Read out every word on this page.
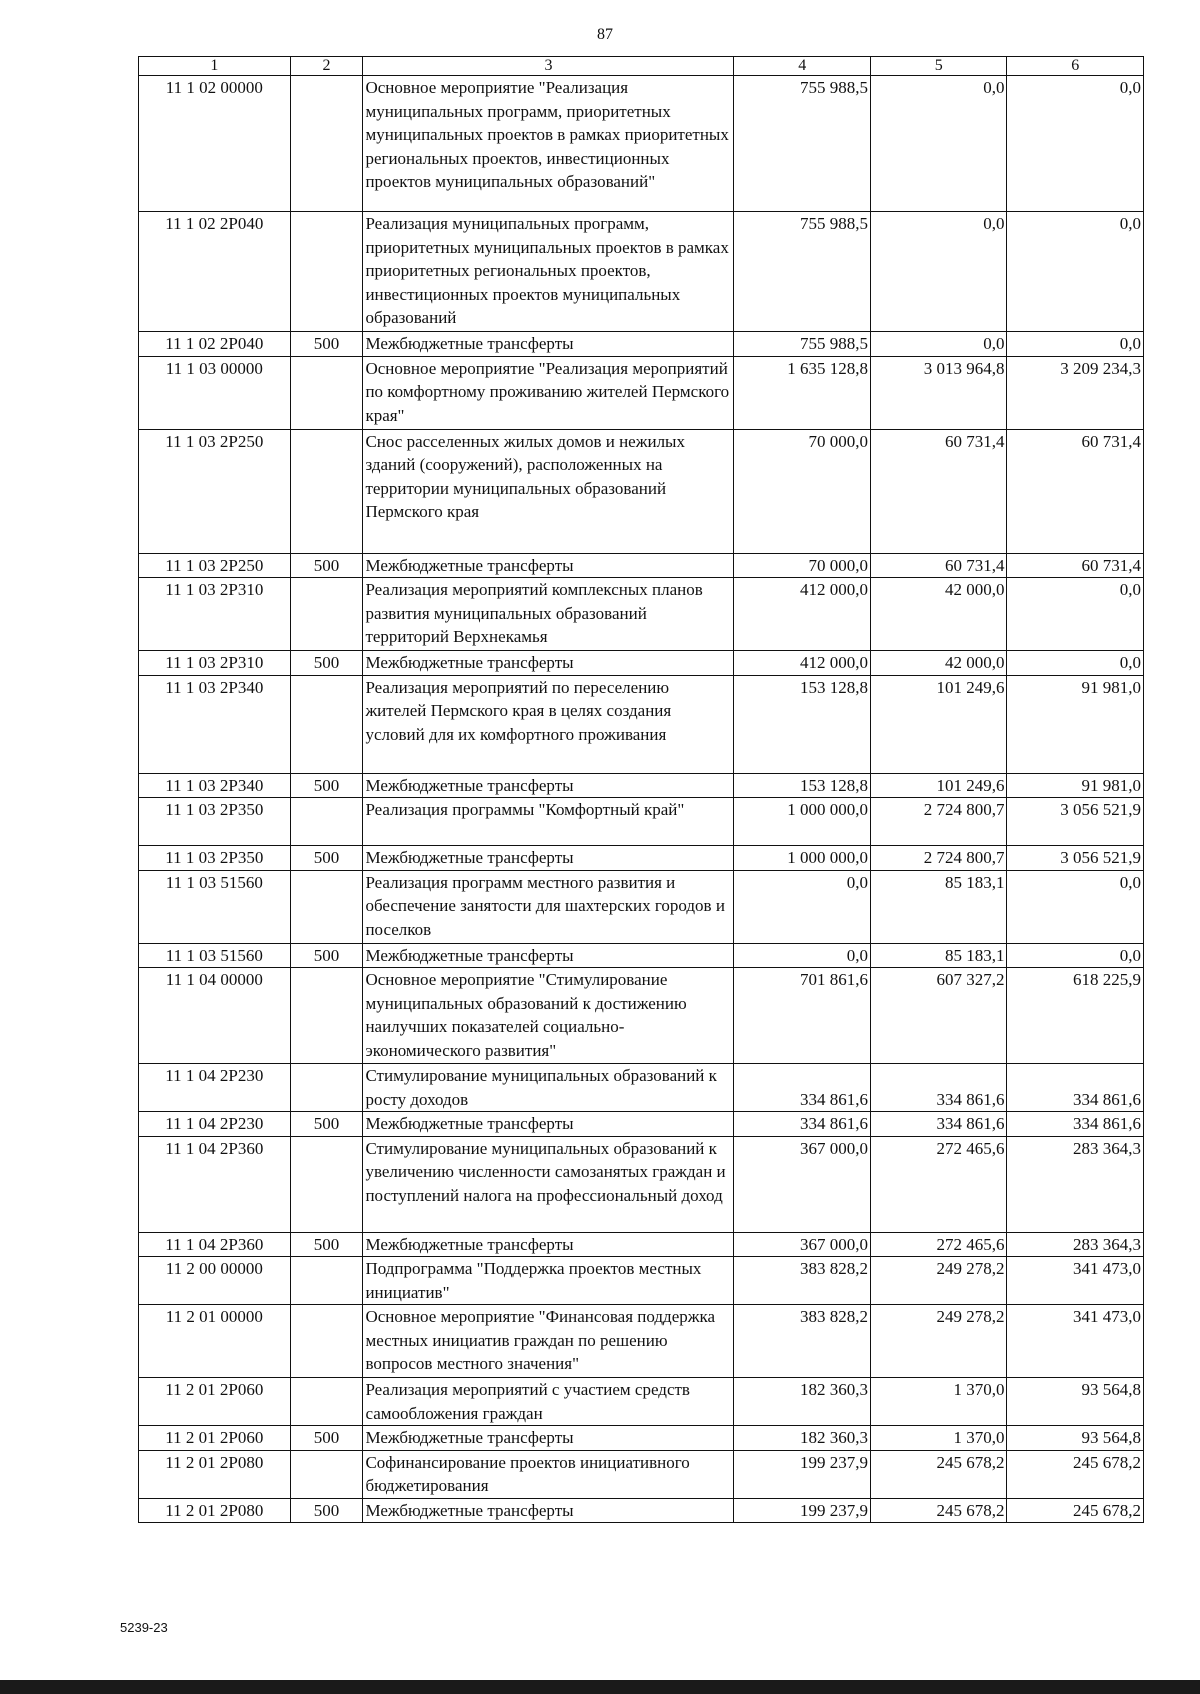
87
1	2	3	4	5	6
11 1 02 00000		Основное мероприятие "Реализация муниципальных программ, приоритетных муниципальных проектов в рамках приоритетных региональных проектов, инвестиционных проектов муниципальных образований"	755 988,5	0,0	0,0
11 1 02 2Р040		Реализация муниципальных программ, приоритетных муниципальных проектов в рамках приоритетных региональных проектов, инвестиционных проектов муниципальных образований	755 988,5	0,0	0,0
11 1 02 2Р040	500	Межбюджетные трансферты	755 988,5	0,0	0,0
11 1 03 00000		Основное мероприятие "Реализация мероприятий по комфортному проживанию жителей Пермского края"	1 635 128,8	3 013 964,8	3 209 234,3
11 1 03 2Р250		Снос расселенных жилых домов и нежилых зданий (сооружений), расположенных на территории муниципальных образований Пермского края	70 000,0	60 731,4	60 731,4
11 1 03 2Р250	500	Межбюджетные трансферты	70 000,0	60 731,4	60 731,4
11 1 03 2Р310		Реализация мероприятий комплексных планов развития муниципальных образований территорий Верхнекамья	412 000,0	42 000,0	0,0
11 1 03 2Р310	500	Межбюджетные трансферты	412 000,0	42 000,0	0,0
11 1 03 2Р340		Реализация мероприятий по переселению жителей Пермского края в целях создания условий для их комфортного проживания	153 128,8	101 249,6	91 981,0
11 1 03 2Р340	500	Межбюджетные трансферты	153 128,8	101 249,6	91 981,0
11 1 03 2Р350		Реализация программы "Комфортный край"	1 000 000,0	2 724 800,7	3 056 521,9
11 1 03 2Р350	500	Межбюджетные трансферты	1 000 000,0	2 724 800,7	3 056 521,9
11 1 03 51560		Реализация программ местного развития и обеспечение занятости для шахтерских городов и поселков	0,0	85 183,1	0,0
11 1 03 51560	500	Межбюджетные трансферты	0,0	85 183,1	0,0
11 1 04 00000		Основное мероприятие "Стимулирование муниципальных образований к достижению наилучших показателей социально-экономического развития"	701 861,6	607 327,2	618 225,9
11 1 04 2Р230		Стимулирование муниципальных образований к росту доходов	334 861,6	334 861,6	334 861,6
11 1 04 2Р230	500	Межбюджетные трансферты	334 861,6	334 861,6	334 861,6
11 1 04 2Р360		Стимулирование муниципальных образований к увеличению численности самозанятых граждан и поступлений налога на профессиональный доход	367 000,0	272 465,6	283 364,3
11 1 04 2Р360	500	Межбюджетные трансферты	367 000,0	272 465,6	283 364,3
11 2 00 00000		Подпрограмма "Поддержка проектов местных инициатив"	383 828,2	249 278,2	341 473,0
11 2 01 00000		Основное мероприятие "Финансовая поддержка местных инициатив граждан по решению вопросов местного значения"	383 828,2	249 278,2	341 473,0
11 2 01 2Р060		Реализация мероприятий с участием средств самообложения граждан	182 360,3	1 370,0	93 564,8
11 2 01 2Р060	500	Межбюджетные трансферты	182 360,3	1 370,0	93 564,8
11 2 01 2Р080		Софинансирование проектов инициативного бюджетирования	199 237,9	245 678,2	245 678,2
11 2 01 2Р080	500	Межбюджетные трансферты	199 237,9	245 678,2	245 678,2
5239-23
